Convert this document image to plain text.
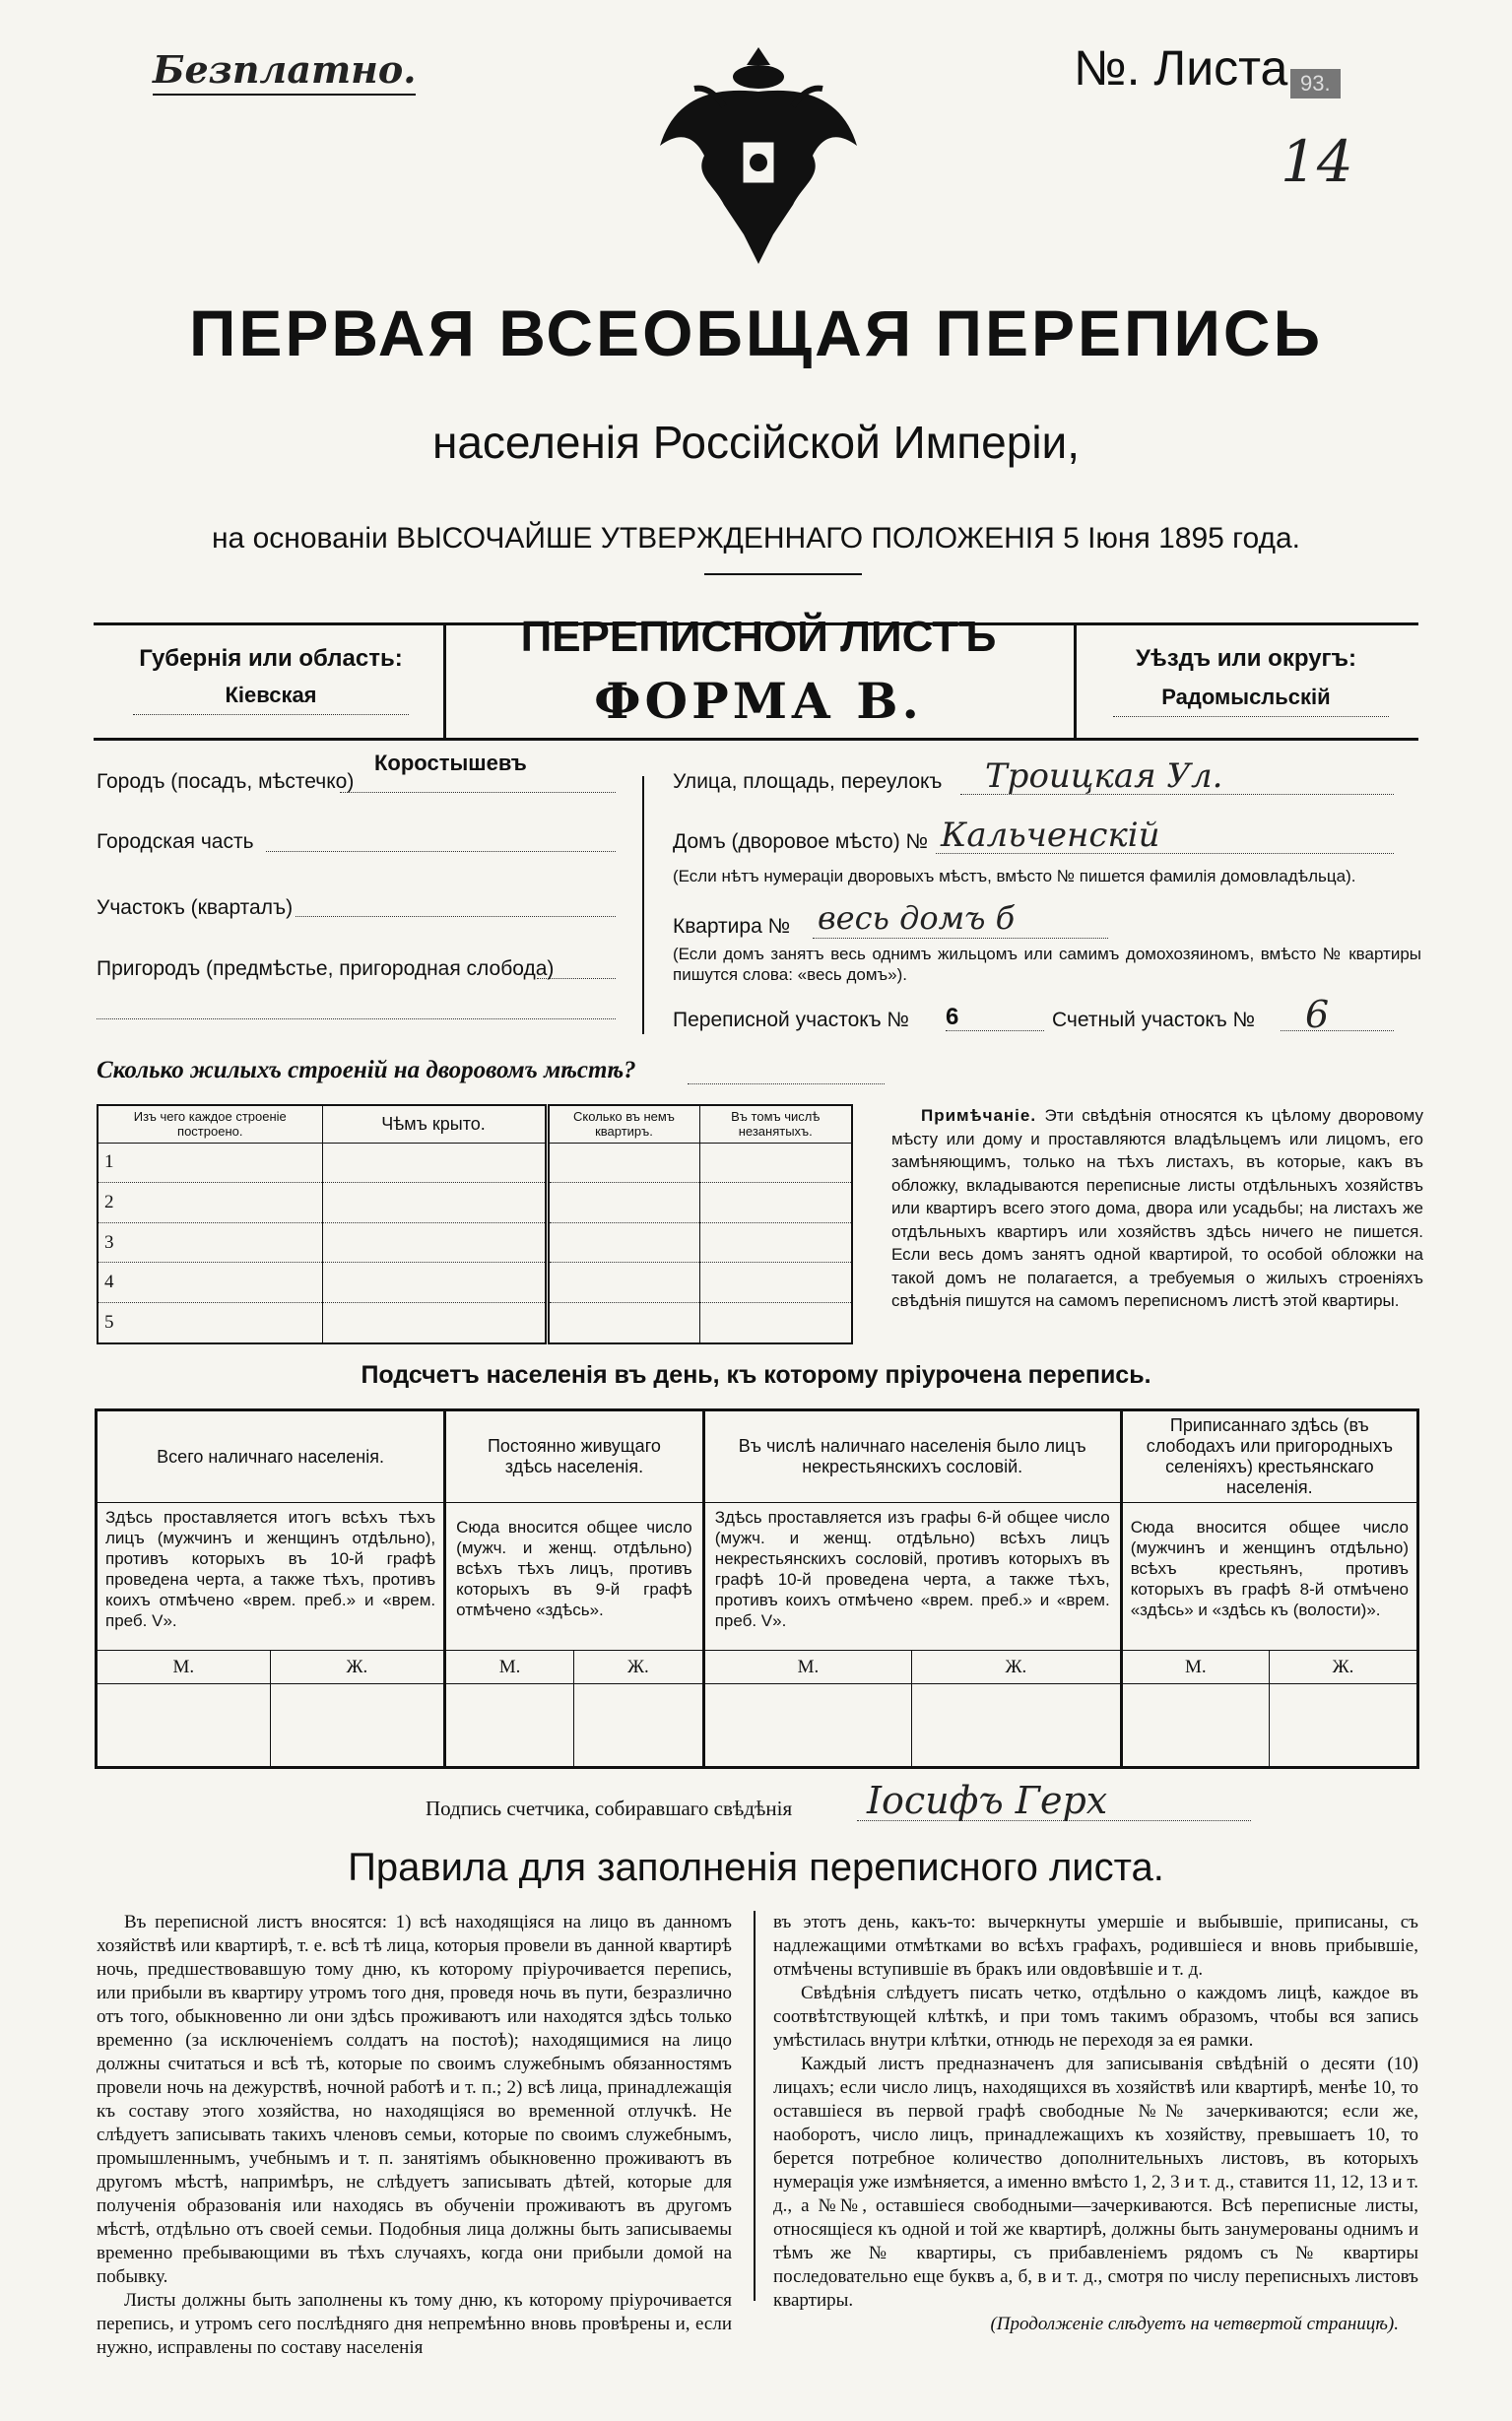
Безплатно.	№. Листа 93.
14
ПЕРВАЯ ВСЕОБЩАЯ ПЕРЕПИСЬ
населенія Россійской Имперіи,
на основаніи ВЫСОЧАЙШЕ УТВЕРЖДЕННАГО ПОЛОЖЕНІЯ 5 Іюня 1895 года.
Губернія или область:
Кіевская
ПЕРЕПИСНОЙ ЛИСТЪ
ФОРМА В.
Уѣздъ или округъ:
Радомысльскій
Городъ (посадъ, мѣстечко)
Коростышевъ
Городская часть
Участокъ (кварталъ)
Пригородъ (предмѣстье, пригородная слобода)
Улица, площадь, переулокъ Троицкая Ул.
Домъ (дворовое мѣсто) № Кальченскій
(Если нѣтъ нумераціи дворовыхъ мѣстъ, вмѣсто № пишется фамилія домовладѣльца).
Квартира № весь домъ б
(Если домъ занятъ весь однимъ жильцомъ или самимъ домохозяиномъ, вмѣсто № квартиры пишутся слова: «весь домъ»).
Переписной участокъ № 6	Счетный участокъ № 6
Сколько жилыхъ строеній на дворовомъ мѣстѣ?
Изъ чего каждое строеніе построено.	Чѣмъ крыто.	Сколько въ немъ квартиръ.	Въ томъ числѣ незанятыхъ.
1			
2			
3			
4			
5			
Примѣчаніе. Эти свѣдѣнія относятся къ цѣлому дворовому мѣсту или дому и проставляются владѣльцемъ или лицомъ, его замѣняющимъ, только на тѣхъ листахъ, въ которые, какъ въ обложку, вкладываются переписные листы отдѣльныхъ хозяйствъ или квартиръ всего этого дома, двора или усадьбы; на листахъ же отдѣльныхъ квартиръ или хозяйствъ здѣсь ничего не пишется. Если весь домъ занятъ одной квартирой, то особой обложки на такой домъ не полагается, а требуемыя о жилыхъ строеніяхъ свѣдѣнія пишутся на самомъ переписномъ листѣ этой квартиры.
Подсчетъ населенія въ день, къ которому пріурочена перепись.
Всего наличнаго населенія.		Постоянно живущаго здѣсь населенія.		Въ числѣ наличнаго населенія было лицъ некрестьянскихъ сословій.		Приписаннаго здѣсь (въ слободахъ или пригородныхъ селеніяхъ) крестьянскаго населенія.	
Здѣсь проставляется итогъ всѣхъ тѣхъ лицъ (мужчинъ и женщинъ отдѣльно), противъ которыхъ въ 10-й графѣ проведена черта, а также тѣхъ, противъ коихъ отмѣчено «врем. преб.» и «врем. преб. V».		Сюда вносится общее число (мужч. и женщ. отдѣльно) всѣхъ тѣхъ лицъ, противъ которыхъ въ 9-й графѣ отмѣчено «здѣсь».		Здѣсь проставляется изъ графы 6-й общее число (мужч. и женщ. отдѣльно) всѣхъ лицъ некрестьянскихъ сословій, противъ которыхъ въ графѣ 10-й проведена черта, а также тѣхъ, противъ коихъ отмѣчено «врем. преб.» и «врем. преб. V».		Сюда вносится общее число (мужчинъ и женщинъ отдѣльно) всѣхъ крестьянъ, противъ которыхъ въ графѣ 8-й отмѣчено «здѣсь» и «здѣсь къ (волости)».	
М.	Ж.	М.	Ж.	М.	Ж.	М.	Ж.

Подпись счетчика, собиравшаго свѣдѣнія Іосифъ Герх
Правила для заполненія переписного листа.

Въ переписной листъ вносятся: 1) всѣ находящіяся на лицо въ данномъ хозяйствѣ или квартирѣ, т. е. всѣ тѣ лица, которыя провели въ данной квартирѣ ночь, предшествовавшую тому дню, къ которому пріурочивается перепись, или прибыли въ квартиру утромъ того дня, проведя ночь въ пути, безразлично отъ того, обыкновенно ли они здѣсь проживаютъ или находятся здѣсь только временно (за исключеніемъ солдатъ на постоѣ); находящимися на лицо должны считаться и всѣ тѣ, которые по своимъ служебнымъ обязанностямъ провели ночь на дежурствѣ, ночной работѣ и т. п.; 2) всѣ лица, принадлежащія къ составу этого хозяйства, но находящіяся во временной отлучкѣ. Не слѣдуетъ записывать такихъ членовъ семьи, которые по своимъ служебнымъ, промышленнымъ, учебнымъ и т. п. занятіямъ обыкновенно проживаютъ въ другомъ мѣстѣ, напримѣръ, не слѣдуетъ записывать дѣтей, которые для полученія образованія или находясь въ обученіи проживаютъ въ другомъ мѣстѣ, отдѣльно отъ своей семьи. Подобныя лица должны быть записываемы временно пребывающими въ тѣхъ случаяхъ, когда они прибыли домой на побывку.

Листы должны быть заполнены къ тому дню, къ которому пріурочивается перепись, и утромъ сего послѣдняго дня непремѣнно вновь провѣрены и, если нужно, исправлены по составу населенія

въ этотъ день, какъ-то: вычеркнуты умершіе и выбывшіе, приписаны, съ надлежащими отмѣтками во всѣхъ графахъ, родившіеся и вновь прибывшіе, отмѣчены вступившіе въ бракъ или овдовѣвшіе и т. д.

Свѣдѣнія слѣдуетъ писать четко, отдѣльно о каждомъ лицѣ, каждое въ соотвѣтствующей клѣткѣ, и при томъ такимъ образомъ, чтобы вся запись умѣстилась внутри клѣтки, отнюдь не переходя за ея рамки.

Каждый листъ предназначенъ для записыванія свѣдѣній о десяти (10) лицахъ; если число лицъ, находящихся въ хозяйствѣ или квартирѣ, менѣе 10, то оставшіеся въ первой графѣ свободные №№ зачеркиваются; если же, наоборотъ, число лицъ, принадлежащихъ къ хозяйству, превышаетъ 10, то берется потребное количество дополнительныхъ листовъ, въ которыхъ нумерація уже измѣняется, а именно вмѣсто 1, 2, 3 и т. д., ставится 11, 12, 13 и т. д., а №№, оставшіеся свободными—зачеркиваются. Всѣ переписные листы, относящіеся къ одной и той же квартирѣ, должны быть занумерованы однимъ и тѣмъ же № квартиры, съ прибавленіемъ рядомъ съ № квартиры последовательно еще буквъ а, б, в и т. д., смотря по числу переписныхъ листовъ квартиры.

(Продолженіе слѣдуетъ на четвертой страницѣ).
